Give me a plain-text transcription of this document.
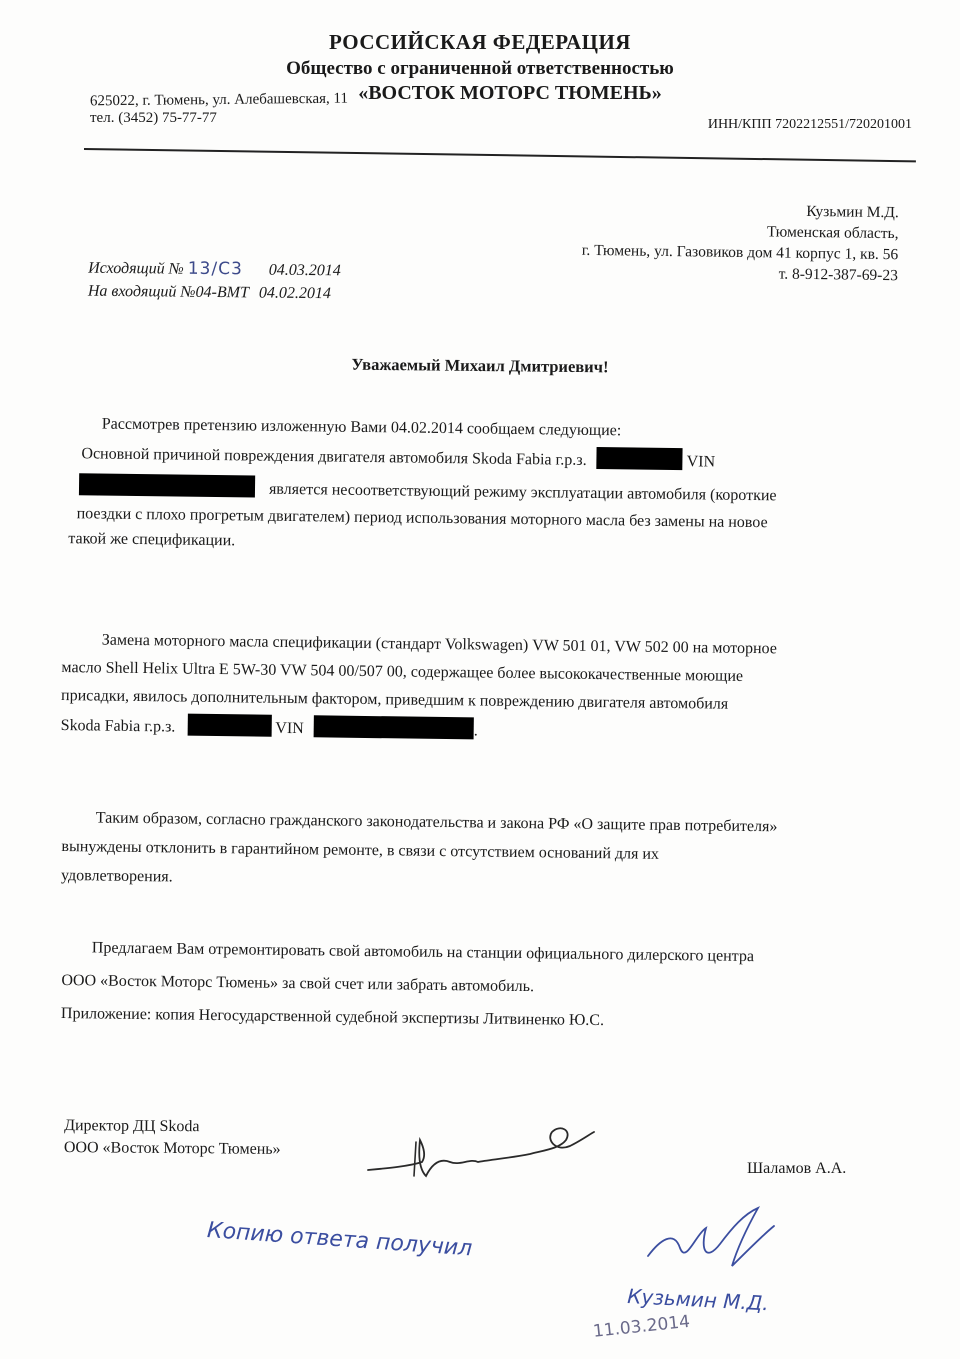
РОССИЙСКАЯ ФЕДЕРАЦИЯ
Общество с ограниченной ответственностью
«ВОСТОК МОТОРС ТЮМЕНЬ»
625022, г. Тюмень, ул. Алебашевская, 11
тел. (3452) 75-77-77	ИНН/КПП 7202212551/720201001
Кузьмин М.Д.
Тюменская область,
г. Тюмень, ул. Газовиков дом 41 корпус 1, кв. 56
т. 8-912-387-69-23
Исходящий № 13/С3 04.03.2014
На входящий №04-ВМТ 04.02.2014
Уважаемый Михаил Дмитриевич!
Рассмотрев претензию изложенную Вами 04.02.2014 сообщаем следующие:
Основной причиной повреждения двигателя автомобиля Skoda Fabia г.р.з.	VIN
является несоответствующий режиму эксплуатации автомобиля (короткие
поездки с плохо прогретым двигателем) период использования моторного масла без замены на новое
такой же спецификации.
Замена моторного масла спецификации (стандарт Volkswagen) VW 501 01, VW 502 00 на моторное
масло Shell Helix Ultra E 5W-30 VW 504 00/507 00, содержащее более высококачественные моющие
присадки, явилось дополнительным фактором, приведшим к повреждению двигателя автомобиля
Skoda Fabia г.р.з.	VIN	.
Таким образом, согласно гражданского законодательства и закона РФ «О защите прав потребителя»
вынуждены отклонить в гарантийном ремонте, в связи с отсутствием оснований для их
удовлетворения.
Предлагаем Вам отремонтировать свой автомобиль на станции официального дилерского центра
ООО «Восток Моторс Тюмень» за свой счет или забрать автомобиль.
Приложение: копия Негосударственной судебной экспертизы Литвиненко Ю.С.
Директор ДЦ Skoda
ООО «Восток Моторс Тюмень»
Шаламов А.А.
Копию ответа получил
Кузьмин М.Д.
11.03.2014
